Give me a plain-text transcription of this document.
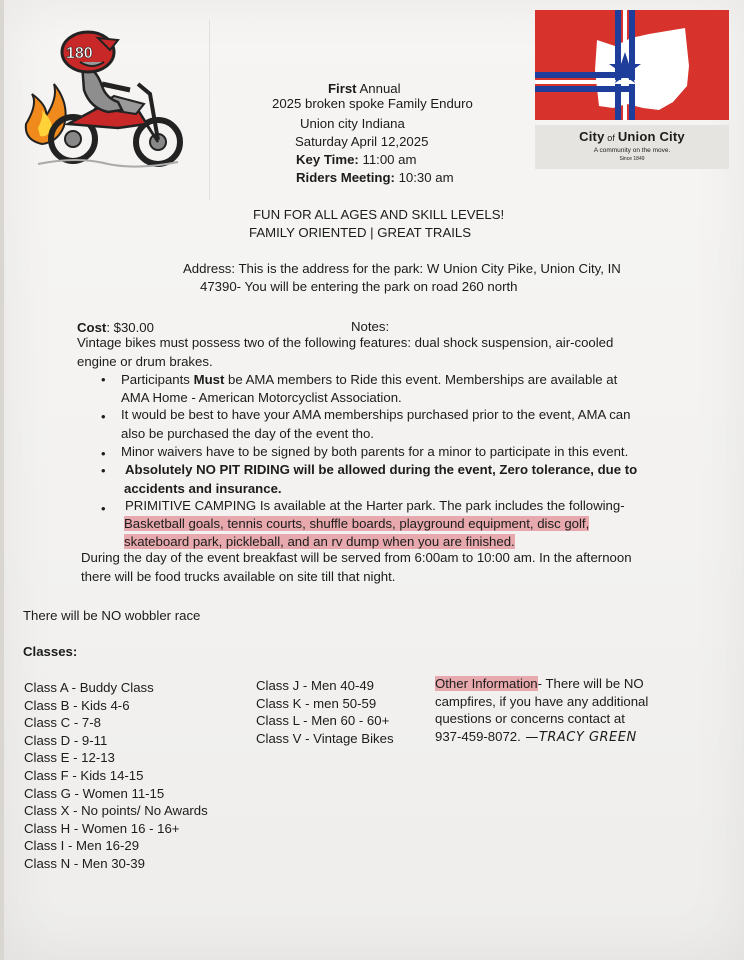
180
City of Union City
A community on the move.
Since 1849
First Annual
2025 broken spoke Family Enduro
Union city Indiana
Saturday April 12,2025
Key Time: 11:00 am
Riders Meeting: 10:30 am
FUN FOR ALL AGES AND SKILL LEVELS!
FAMILY ORIENTED | GREAT TRAILS
Address: This is the address for the park: W Union City Pike, Union City, IN
47390- You will be entering the park on road 260 north
Cost: $30.00	Notes:
Vintage bikes must possess two of the following features: dual shock suspension, air-cooled
engine or drum brakes.
• Participants Must be AMA members to Ride this event. Memberships are available at
AMA Home - American Motorcyclist Association.
• It would be best to have your AMA memberships purchased prior to the event, AMA can
also be purchased the day of the event tho.
• Minor waivers have to be signed by both parents for a minor to participate in this event.
• Absolutely NO PIT RIDING will be allowed during the event, Zero tolerance, due to
accidents and insurance.
• PRIMITIVE CAMPING Is available at the Harter park. The park includes the following-
Basketball goals, tennis courts, shuffle boards, playground equipment, disc golf,
skateboard park, pickleball, and an rv dump when you are finished.
During the day of the event breakfast will be served from 6:00am to 10:00 am. In the afternoon
there will be food trucks available on site till that night.
There will be NO wobbler race
Classes:
Class A - Buddy Class
Class B - Kids 4-6
Class C - 7-8
Class D - 9-11
Class E - 12-13
Class F - Kids 14-15
Class G - Women 11-15
Class X - No points/ No Awards
Class H - Women 16 - 16+
Class I - Men 16-29
Class N - Men 30-39
Class J - Men 40-49
Class K - men 50-59
Class L - Men 60 - 60+
Class V - Vintage Bikes
Other Information- There will be NO
campfires, if you have any additional
questions or concerns contact at
937-459-8072. —TRACY GREEN
